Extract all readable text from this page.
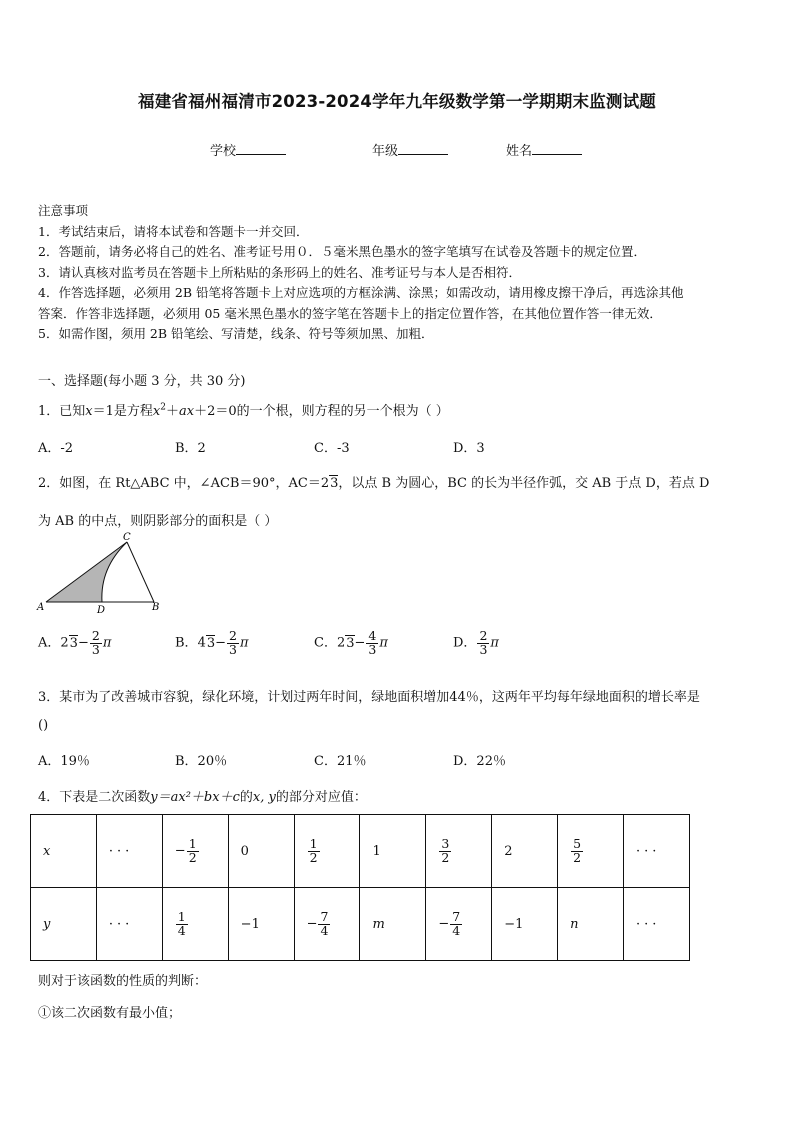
福建省福州福清市2023-2024学年九年级数学第一学期期末监测试题
学校	年级	姓名
注意事项
1．考试结束后，请将本试卷和答题卡一并交回．
2．答题前，请务必将自己的姓名、准考证号用０．５毫米黑色墨水的签字笔填写在试卷及答题卡的规定位置．
3．请认真核对监考员在答题卡上所粘贴的条形码上的姓名、准考证号与本人是否相符．
4．作答选择题，必须用 2B 铅笔将答题卡上对应选项的方框涂满、涂黑；如需改动，请用橡皮擦干净后，再选涂其他
答案．作答非选择题，必须用 05 毫米黑色墨水的签字笔在答题卡上的指定位置作答，在其他位置作答一律无效．
5．如需作图，须用 2B 铅笔绘、写清楚，线条、符号等须加黑、加粗．
一、选择题(每小题 3 分，共 30 分)
1．已知x＝1是方程$x^2+ax+2=0$的一个根，则方程的另一个根为（ ）
A．-2	B．2	C．-3	D．3
2．如图，在 Rt△ABC 中，∠ACB＝90°，AC＝23，以点 B 为圆心，BC 的长为半径作弧，交 AB 于点 D，若点 D
为 AB 的中点，则阴影部分的面积是（ ）
C
A	D	B
A．$23- \frac{2}{3}$ π	B．$43- \frac{2}{3}$ π	C．$23- \frac{4}{3}$ π	D． $\frac{2}{3}$ π
3．某市为了改善城市容貌，绿化环境，计划过两年时间，绿地面积增加44％，这两年平均每年绿地面积的增长率是
()
A．19％	B．20％	C．21％	D．22％
4．下表是二次函数y＝ax²＋bx＋c的x, y的部分对应值：
x	···	− $\frac{1}{2}$	0	$\frac{1}{2}$	1	$\frac{3}{2}$	2	$\frac{5}{2}$	···
y	···	$\frac{1}{4}$	−1	− $\frac{7}{4}$	m	− $\frac{7}{4}$	−1	n	···
则对于该函数的性质的判断：
①该二次函数有最小值；
